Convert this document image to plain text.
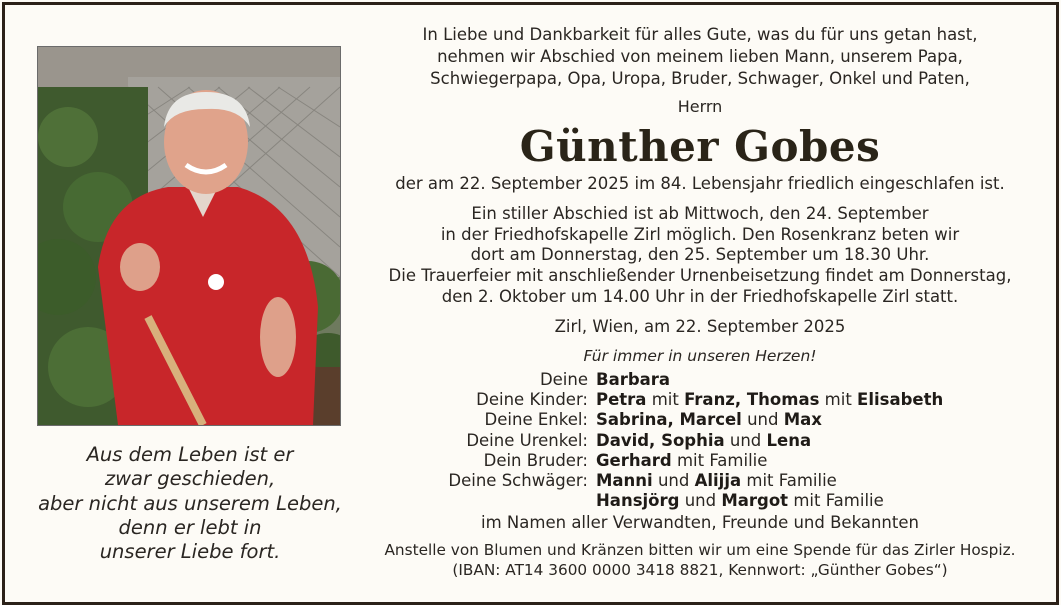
Aus dem Leben ist er
zwar geschieden,
aber nicht aus unserem Leben,
denn er lebt in
unserer Liebe fort.

In Liebe und Dankbarkeit für alles Gute, was du für uns getan hast,

nehmen wir Abschied von meinem lieben Mann, unserem Papa,

Schwiegerpapa, Opa, Uropa, Bruder, Schwager, Onkel und Paten,

Herrn

Günther Gobes

der am 22. September 2025 im 84. Lebensjahr friedlich eingeschlafen ist.

Ein stiller Abschied ist ab Mittwoch, den 24. September

in der Friedhofskapelle Zirl möglich. Den Rosenkranz beten wir

dort am Donnerstag, den 25. September um 18.30 Uhr.

Die Trauerfeier mit anschließender Urnenbeisetzung findet am Donnerstag,

den 2. Oktober um 14.00 Uhr in der Friedhofskapelle Zirl statt.

Zirl, Wien, am 22. September 2025

Für immer in unseren Herzen!
Deine Barbara
Deine Kinder: Petra mit Franz, Thomas mit Elisabeth
Deine Enkel: Sabrina, Marcel und Max
Deine Urenkel: David, Sophia und Lena
Dein Bruder: Gerhard mit Familie
Deine Schwäger: Manni und Alijja mit Familie
Hansjörg und Margot mit Familie
im Namen aller Verwandten, Freunde und Bekannten
Anstelle von Blumen und Kränzen bitten wir um eine Spende für das Zirler Hospiz.
(IBAN: AT14 3600 0000 3418 8821, Kennwort: „Günther Gobes“)
